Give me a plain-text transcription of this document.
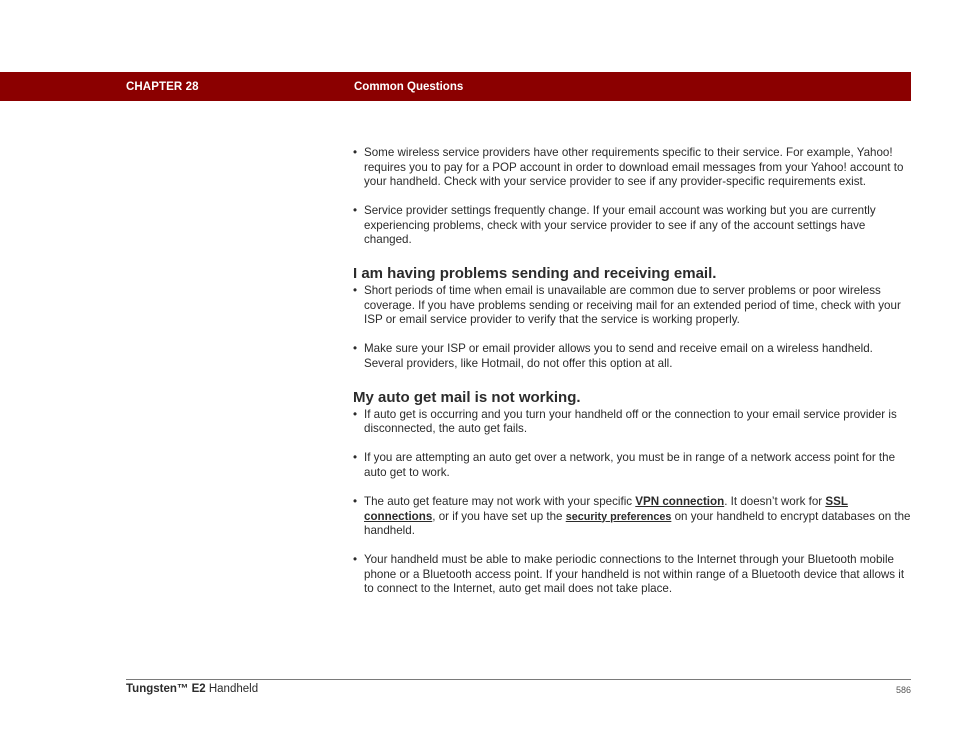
CHAPTER 28	Common Questions

• Some wireless service providers have other requirements specific to their service. For example, Yahoo! requires you to pay for a POP account in order to download email messages from your Yahoo! account to your handheld. Check with your service provider to see if any provider-specific requirements exist.

• Service provider settings frequently change. If your email account was working but you are currently experiencing problems, check with your service provider to see if any of the account settings have changed.

I am having problems sending and receiving email.

• Short periods of time when email is unavailable are common due to server problems or poor wireless coverage. If you have problems sending or receiving mail for an extended period of time, check with your ISP or email service provider to verify that the service is working properly.

• Make sure your ISP or email provider allows you to send and receive email on a wireless handheld. Several providers, like Hotmail, do not offer this option at all.

My auto get mail is not working.

• If auto get is occurring and you turn your handheld off or the connection to your email service provider is disconnected, the auto get fails.

• If you are attempting an auto get over a network, you must be in range of a network access point for the auto get to work.

• The auto get feature may not work with your specific VPN connection. It doesn’t work for SSL connections, or if you have set up the security preferences on your handheld to encrypt databases on the handheld.

• Your handheld must be able to make periodic connections to the Internet through your Bluetooth mobile phone or a Bluetooth access point. If your handheld is not within range of a Bluetooth device that allows it to connect to the Internet, auto get mail does not take place.

Tungsten™ E2 Handheld	586
